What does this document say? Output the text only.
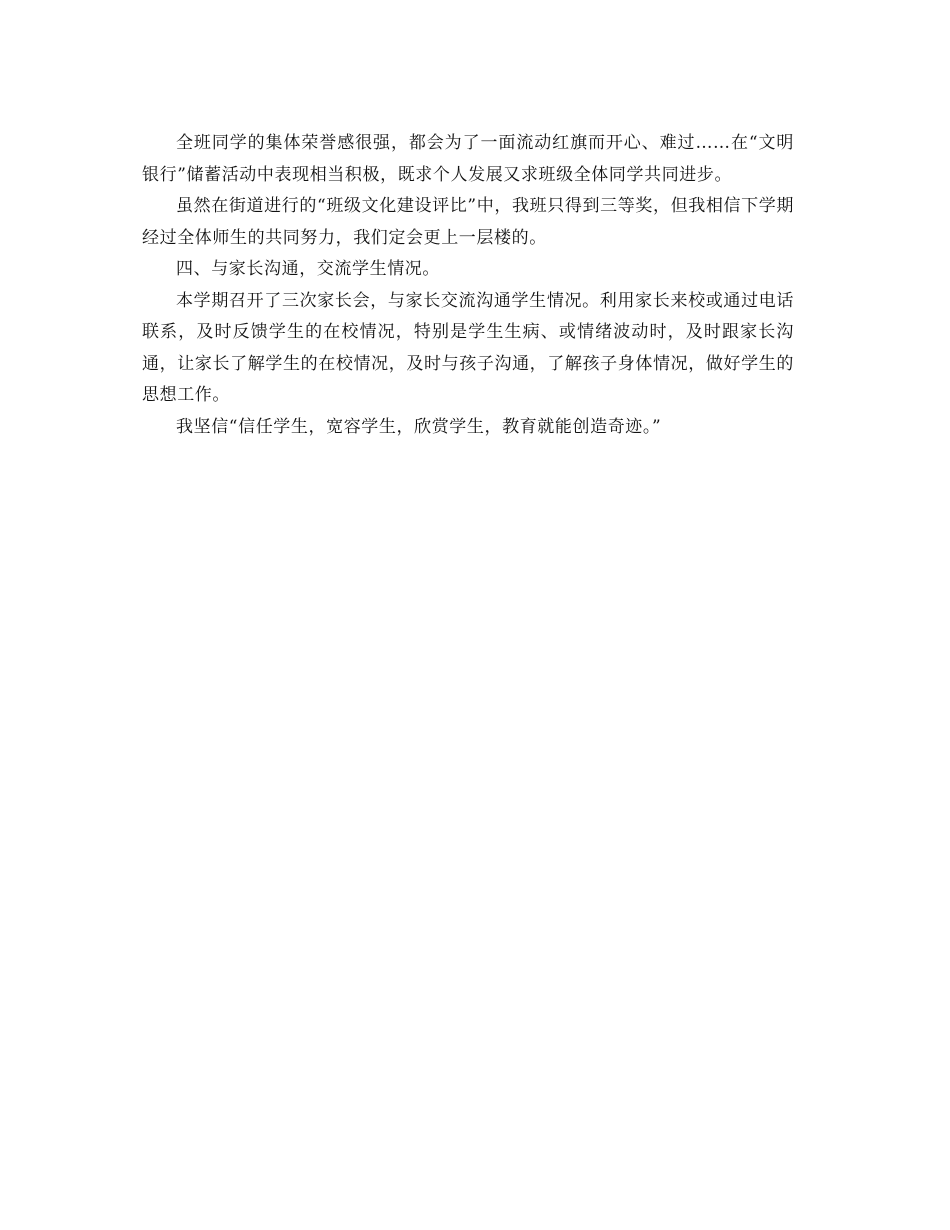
全班同学的集体荣誉感很强，都会为了一面流动红旗而开心、难过……在“文明银行”储蓄活动中表现相当积极，既求个人发展又求班级全体同学共同进步。

虽然在街道进行的“班级文化建设评比”中，我班只得到三等奖，但我相信下学期经过全体师生的共同努力，我们定会更上一层楼的。

四、与家长沟通，交流学生情况。

本学期召开了三次家长会，与家长交流沟通学生情况。利用家长来校或通过电话联系，及时反馈学生的在校情况，特别是学生生病、或情绪波动时，及时跟家长沟通，让家长了解学生的在校情况，及时与孩子沟通，了解孩子身体情况，做好学生的思想工作。

我坚信“信任学生，宽容学生，欣赏学生，教育就能创造奇迹。”
